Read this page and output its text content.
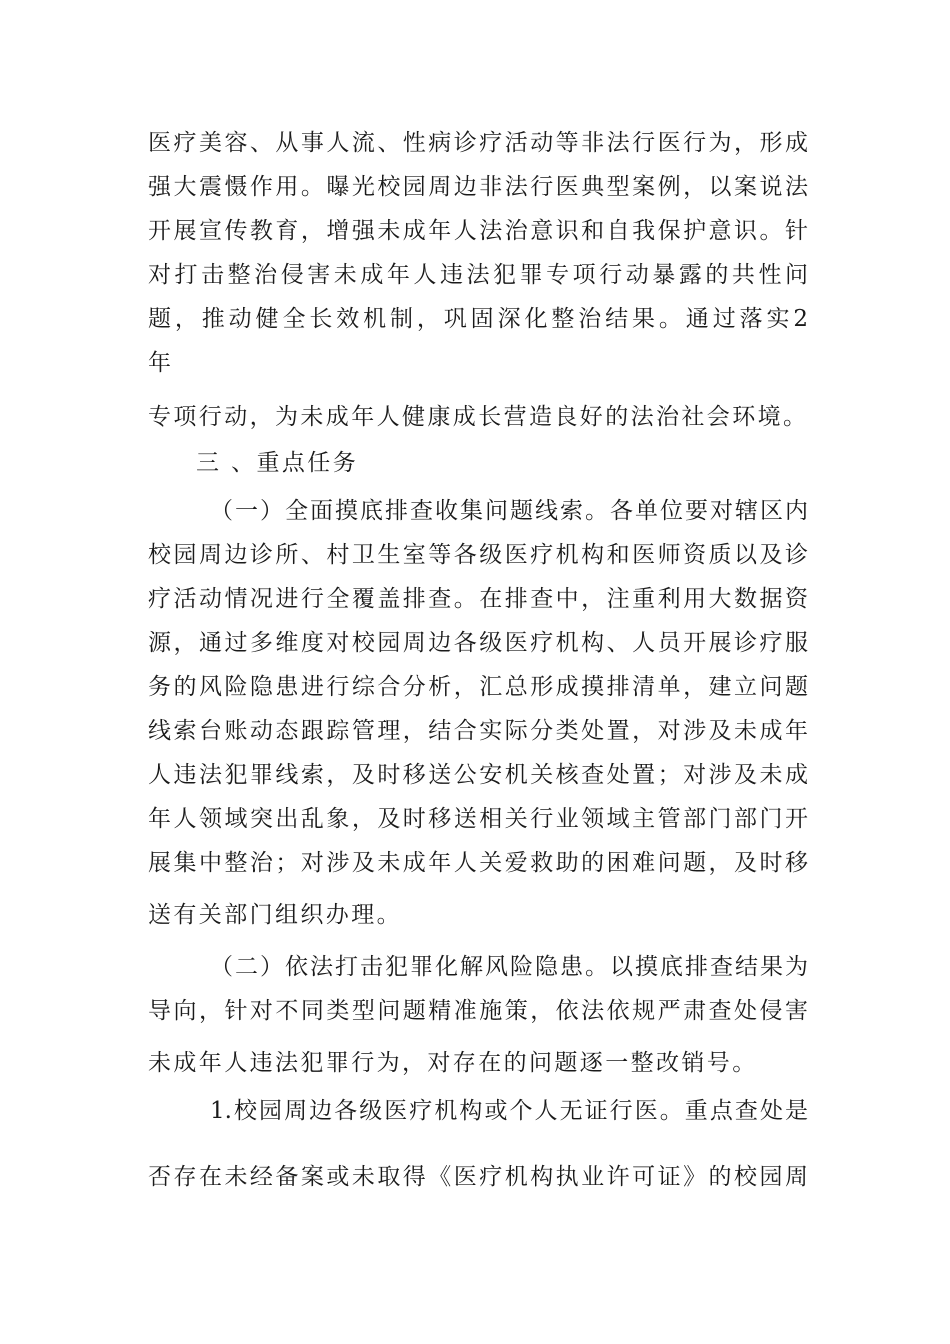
医疗美容、从事人流、性病诊疗活动等非法行医行为，形成
强大震慑作用。曝光校园周边非法行医典型案例，以案说法
开展宣传教育，增强未成年人法治意识和自我保护意识。针
对打击整治侵害未成年人违法犯罪专项行动暴露的共性问
题，推动健全长效机制，巩固深化整治结果。通过落实2
年
专项行动，为未成年人健康成长营造良好的法治社会环境。
三 、重点任务
（一）全面摸底排查收集问题线索。各单位要对辖区内
校园周边诊所、村卫生室等各级医疗机构和医师资质以及诊
疗活动情况进行全覆盖排查。在排查中，注重利用大数据资
源，通过多维度对校园周边各级医疗机构、人员开展诊疗服
务的风险隐患进行综合分析，汇总形成摸排清单，建立问题
线索台账动态跟踪管理，结合实际分类处置，对涉及未成年
人违法犯罪线索，及时移送公安机关核查处置；对涉及未成
年人领域突出乱象，及时移送相关行业领域主管部门部门开
展集中整治；对涉及未成年人关爱救助的困难问题，及时移
送有关部门组织办理。
（二）依法打击犯罪化解风险隐患。以摸底排查结果为
导向，针对不同类型问题精准施策，依法依规严肃查处侵害
未成年人违法犯罪行为，对存在的问题逐一整改销号。
1.校园周边各级医疗机构或个人无证行医。重点查处是
否存在未经备案或未取得《医疗机构执业许可证》的校园周
